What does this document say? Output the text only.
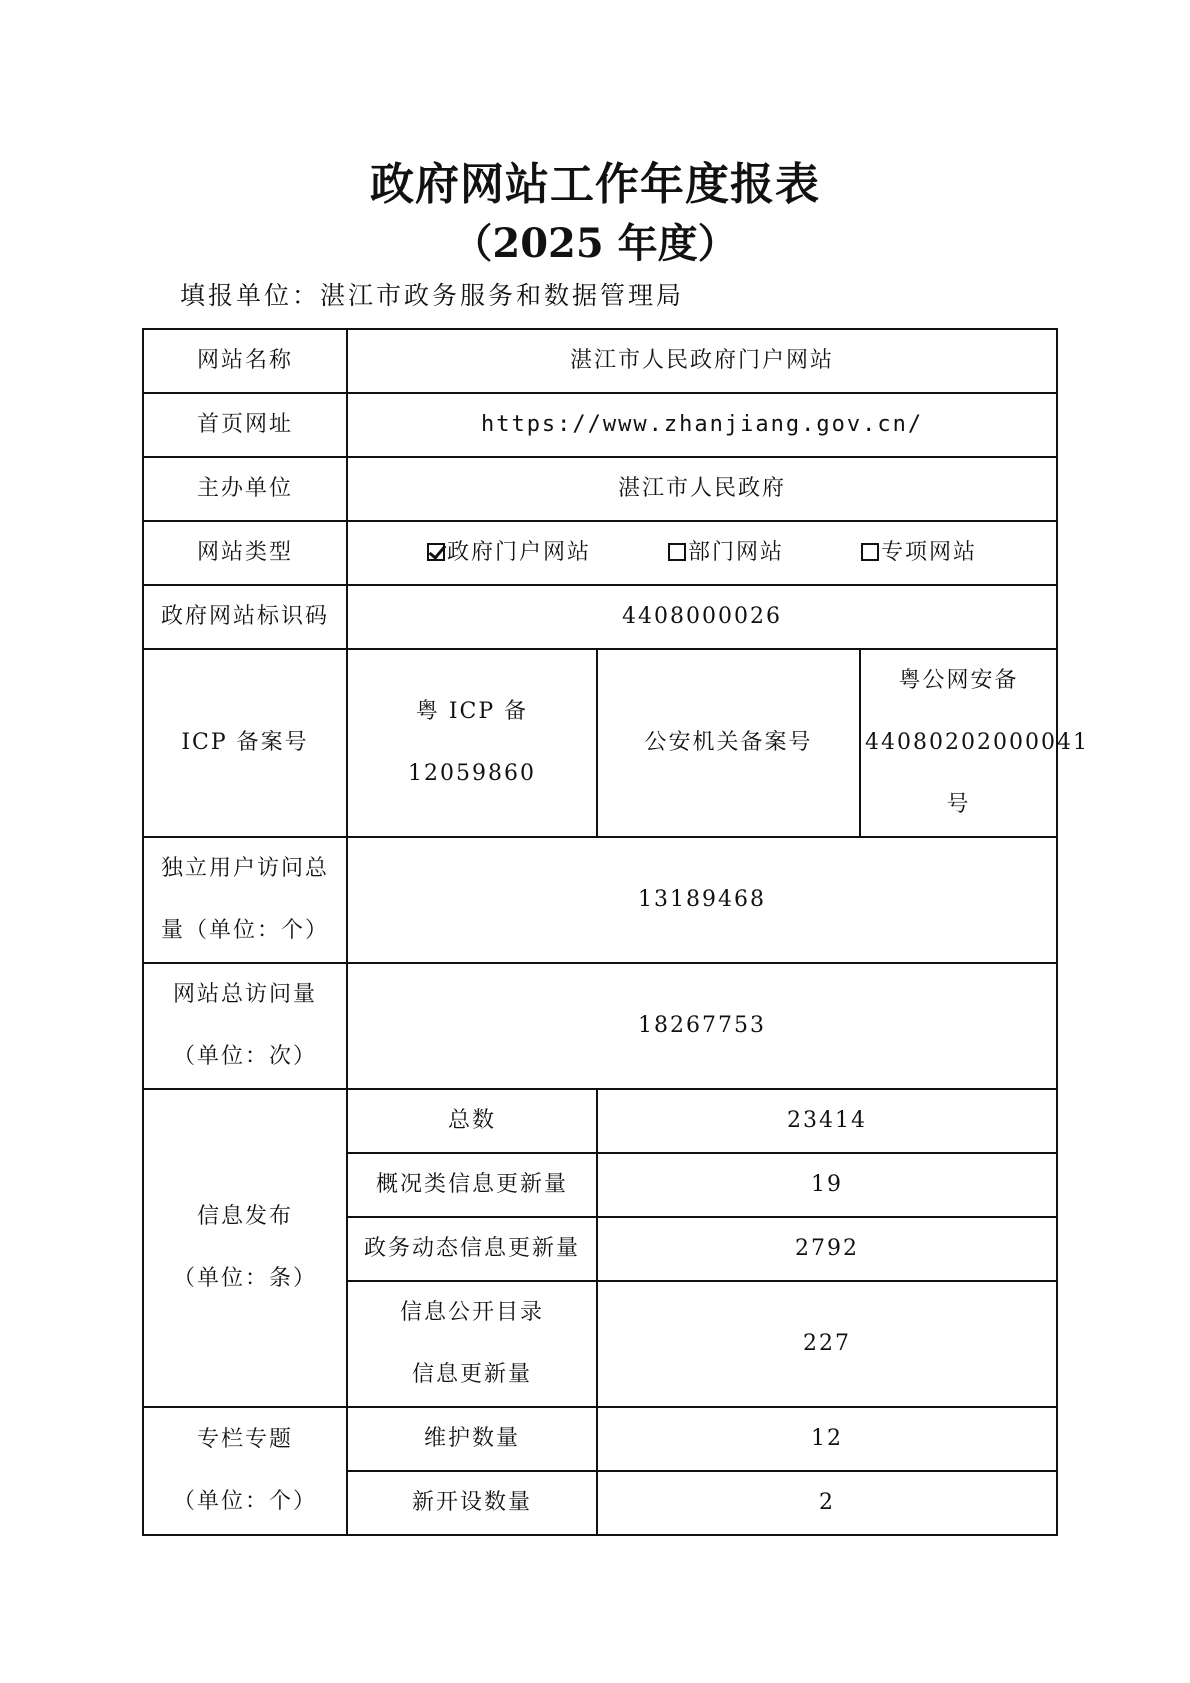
政府网站工作年度报表
（2025 年度）
填报单位：湛江市政务服务和数据管理局
网站名称	湛江市人民政府门户网站		
首页网址	https://www.zhanjiang.gov.cn/		
主办单位	湛江市人民政府		
网站类型	政府门户网站 部门网站 专项网站		
政府网站标识码	4408000026		
ICP 备案号	粤 ICP 备 12059860	公安机关备案号	粤公网安备
44080202000041
号

独立用户访问总
量（单位：个）	13189468		

网站总访问量
（单位：次）	18267753		

信息发布
（单位：条）	总数	23414	
	概况类信息更新量	19	
	政务动态信息更新量	2792	

	信息公开目录
信息更新量	227	

专栏专题
（单位：个）	维护数量	12	
	新开设数量	2	
